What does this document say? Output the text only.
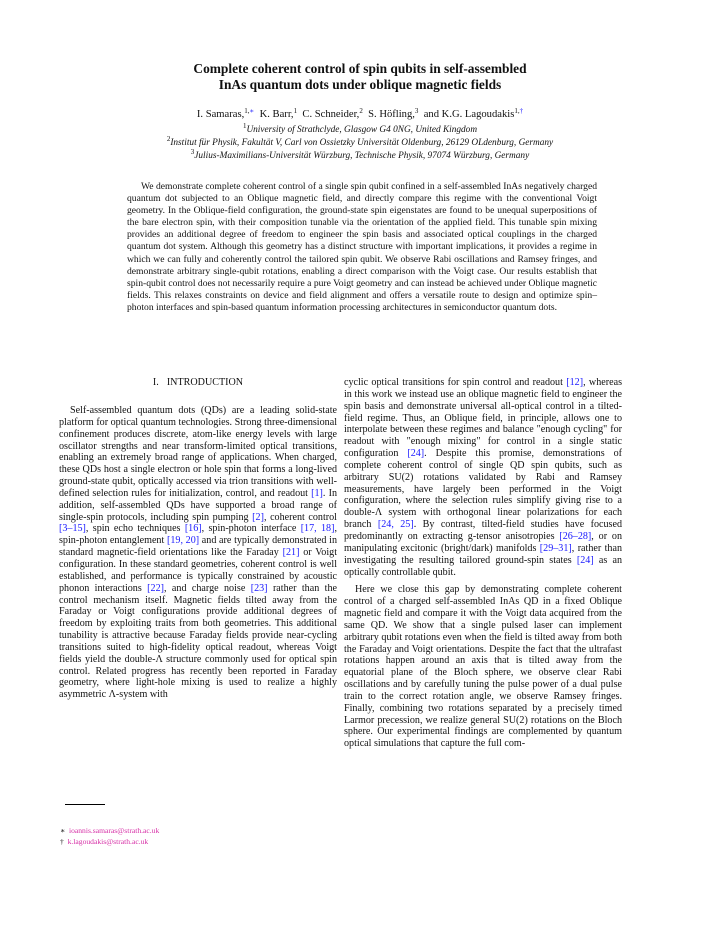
Complete coherent control of spin qubits in self-assembled
InAs quantum dots under oblique magnetic fields
I. Samaras,$^{1,∗}$ K. Barr,$^1$ C. Schneider,$^2$ S. Höfling,$^3$ and K.G. Lagoudakis$^{1,\dagger}$
$^1$University of Strathclyde, Glasgow G4 0NG, United Kingdom
$^2$Institut für Physik, Fakultät V, Carl von Ossietzky Universität Oldenburg, 26129 OLdenburg, Germany
$^3$Julius-Maximilians-Universität Würzburg, Technische Physik, 97074 Würzburg, Germany

We demonstrate complete coherent control of a single spin qubit confined in a self-assembled InAs negatively charged quantum dot subjected to an Oblique magnetic field, and directly compare this regime with the conventional Voigt geometry. In the Oblique-field configuration, the ground-state spin eigenstates are found to be unequal superpositions of the bare electron spin, with their composition tunable via the orientation of the applied field. This tunable spin mixing provides an additional degree of freedom to engineer the spin basis and associated optical couplings in the charged quantum dot system. Although this geometry has a distinct structure with important implications, it provides a regime in which we can fully and coherently control the tailored spin qubit. We observe Rabi oscillations and Ramsey fringes, and demonstrate arbitrary single-qubit rotations, enabling a direct comparison with the Voigt case. Our results establish that spin-qubit control does not necessarily require a pure Voigt geometry and can instead be achieved under Oblique magnetic fields. This relaxes constraints on device and field alignment and offers a versatile route to design and optimize spin–photon interfaces and spin-based quantum information processing architectures in semiconductor quantum dots.

I. INTRODUCTION

Self-assembled quantum dots (QDs) are a leading solid-state platform for optical quantum technologies. Strong three-dimensional confinement produces discrete, atom-like energy levels with large oscillator strengths and near transform-limited optical transitions, enabling an extremely broad range of applications. When charged, these QDs host a single electron or hole spin that forms a long-lived ground-state qubit, optically accessed via trion transitions with well-defined selection rules for initialization, control, and readout [1]. In addition, self-assembled QDs have supported a broad range of single-spin protocols, including spin pumping [2], coherent control [3–15], spin echo techniques [16], spin-photon interface [17, 18], spin-photon entanglement [19, 20] and are typically demonstrated in standard magnetic-field orientations like the Faraday [21] or Voigt configuration. In these standard geometries, coherent control is well established, and performance is typically constrained by acoustic phonon interactions [22], and charge noise [23] rather than the control mechanism itself. Magnetic fields tilted away from the Faraday or Voigt configurations provide additional degrees of freedom by exploiting traits from both geometries. This additional tunability is attractive because Faraday fields provide near-cycling transitions suited to high-fidelity optical readout, whereas Voigt fields yield the double-Λ structure commonly used for optical spin control. Related progress has recently been reported in Faraday geometry, where light-hole mixing is used to realize a highly asymmetric Λ-system with

cyclic optical transitions for spin control and readout [12], whereas in this work we instead use an oblique magnetic field to engineer the spin basis and demonstrate universal all-optical control in a tilted-field regime. Thus, an Oblique field, in principle, allows one to interpolate between these regimes and balance "enough cycling" for readout with "enough mixing" for control in a single static configuration [24]. Despite this promise, demonstrations of complete coherent control of single QD spin qubits, such as arbitrary SU(2) rotations validated by Rabi and Ramsey measurements, have largely been performed in the Voigt configuration, where the selection rules simplify giving rise to a double-Λ system with orthogonal linear polarizations for each branch [24, 25]. By contrast, tilted-field studies have focused predominantly on extracting g-tensor anisotropies [26–28], or on manipulating excitonic (bright/dark) manifolds [29–31], rather than investigating the resulting tailored ground-spin states [24] as an optically controllable qubit.

Here we close this gap by demonstrating complete coherent control of a charged self-assembled InAs QD in a fixed Oblique magnetic field and compare it with the Voigt data acquired from the same QD. We show that a single pulsed laser can implement arbitrary qubit rotations even when the field is tilted away from both the Faraday and Voigt orientations. Despite the fact that the ultrafast rotations happen around an axis that is tilted away from the equatorial plane of the Bloch sphere, we observe clear Rabi oscillations and by carefully tuning the pulse power of a dual pulse train to the correct rotation angle, we observe Ramsey fringes. Finally, combining two rotations separated by a precisely timed Larmor precession, we realize general SU(2) rotations on the Bloch sphere. Our experimental findings are complemented by quantum optical simulations that capture the full com-

∗ ioannis.samaras@strath.ac.uk
† k.lagoudakis@strath.ac.uk
